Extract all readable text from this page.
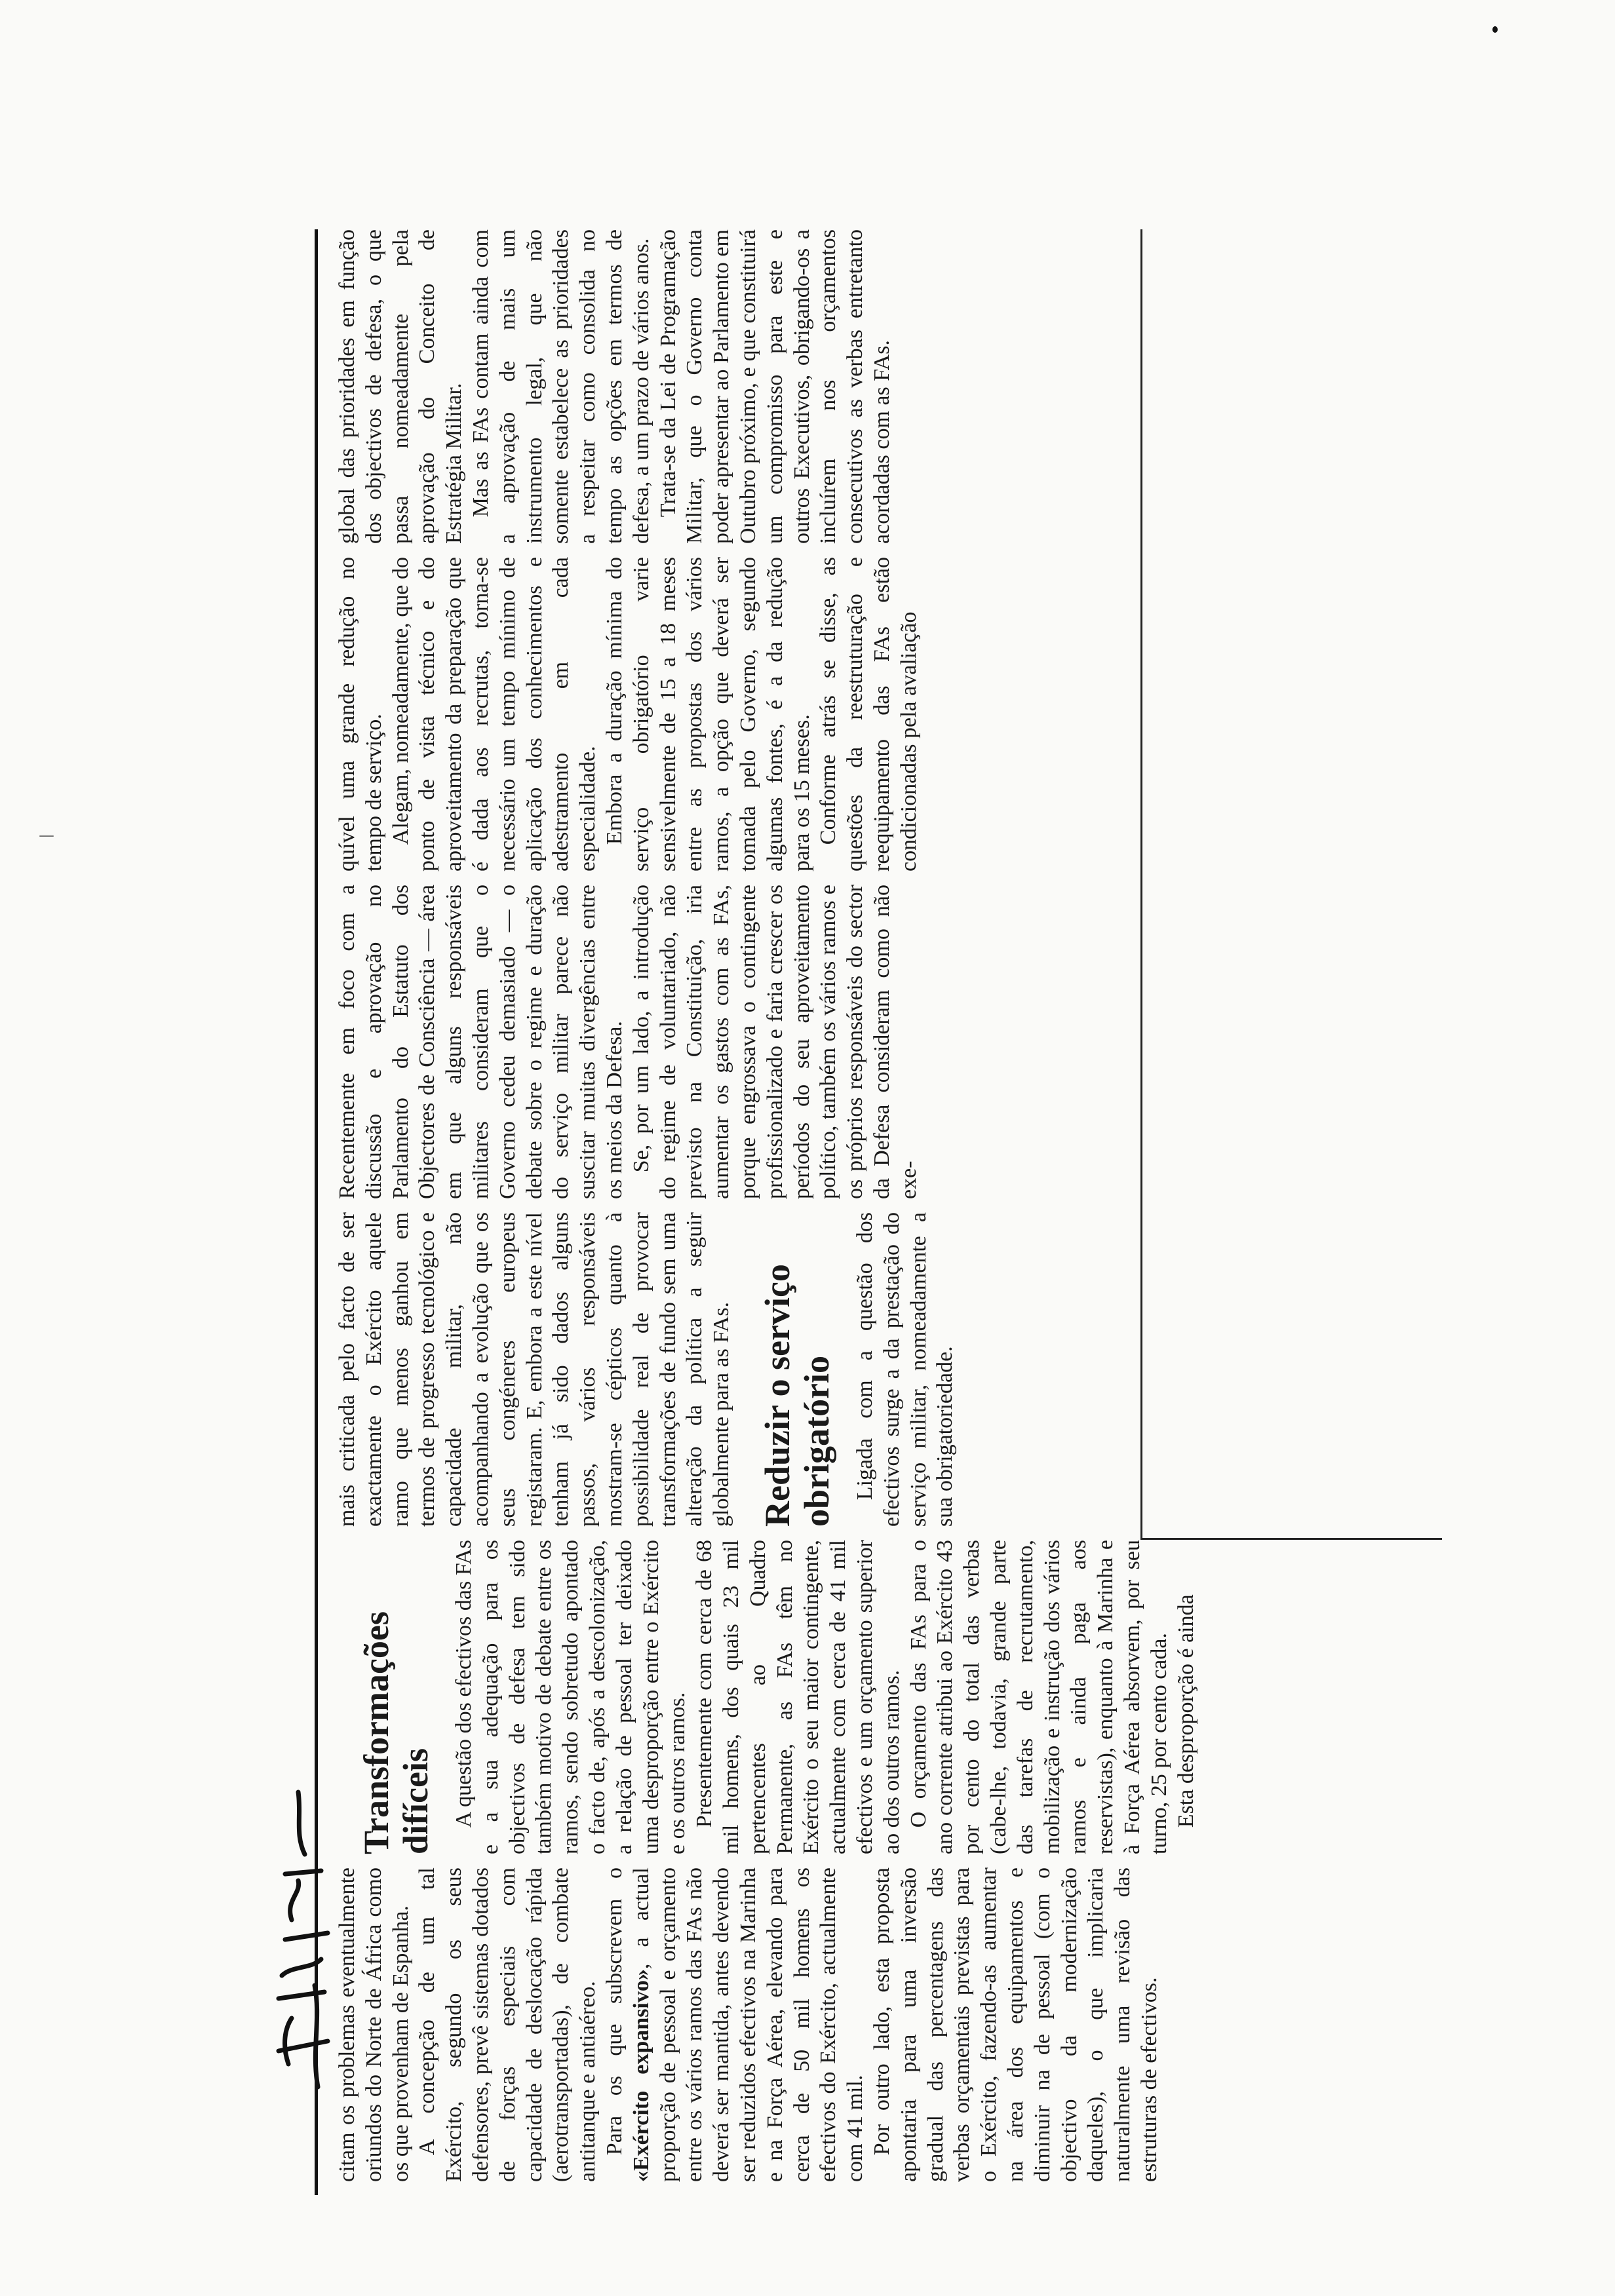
citam os problemas eventualmente oriundos do Norte de África como os que provenham de Espanha. A concepção de um tal Exército, segundo os seus defensores, prevê sistemas dotados de forças especiais com capacidade de deslocação rápida (aerotransportadas), de combate antitanque e antiaéreo. Para os que subscrevem o «Exército expansivo», a actual proporção de pessoal e orçamento entre os vários ramos das FAs não deverá ser mantida, antes devendo ser reduzidos efectivos na Marinha e na Força Aérea, elevando para cerca de 50 mil homens os efectivos do Exército, actualmente com 41 mil. Por outro lado, esta proposta apontaria para uma inversão gradual das percentagens das verbas orçamentais previstas para o Exército, fazendo-as aumentar na área dos equipamentos e diminuir na de pessoal (com o objectivo da modernização daqueles), o que implicaria naturalmente uma revisão das estruturas de efectivos.

Transformações difíceis A questão dos efectivos das FAs e a sua adequação para os objectivos de defesa tem sido também motivo de debate entre os ramos, sendo sobretudo apontado o facto de, após a descolonização, a relação de pessoal ter deixado uma desproporção entre o Exército e os outros ramos. Presentemente com cerca de 68 mil homens, dos quais 23 mil pertencentes ao Quadro Permanente, as FAs têm no Exército o seu maior contingente, actualmente com cerca de 41 mil efectivos e um orçamento superior ao dos outros ramos. O orçamento das FAs para o ano corrente atribui ao Exército 43 por cento do total das verbas (cabe-lhe, todavia, grande parte das tarefas de recrutamento, mobilização e instrução dos vários ramos e ainda paga aos reservistas), enquanto à Marinha e à Força Aérea absorvem, por seu turno, 25 por cento cada. Esta desproporção é ainda

mais criticada pelo facto de ser exactamente o Exército aquele ramo que menos ganhou em termos de progresso tecnológico e capacidade militar, não acompanhando a evolução que os seus congéneres europeus registaram. E, embora a este nível tenham já sido dados alguns passos, vários responsáveis mostram-se cépticos quanto à possibilidade real de provocar transformações de fundo sem uma alteração da política a seguir globalmente para as FAs. Reduzir o serviço obrigatório Ligada com a questão dos efectivos surge a da prestação do serviço militar, nomeadamente a sua obrigatoriedade.

Recentemente em foco com a discussão e aprovação no Parlamento do Estatuto dos Objectores de Consciência — área em que alguns responsáveis militares consideram que o Governo cedeu demasiado — o debate sobre o regime e duração do serviço militar parece não suscitar muitas divergências entre os meios da Defesa. Se, por um lado, a introdução do regime de voluntariado, não previsto na Constituição, iria aumentar os gastos com as FAs, porque engrossava o contingente profissionalizado e faria crescer os períodos do seu aproveitamento político, também os vários ramos e os próprios responsáveis do sector da Defesa consideram como não exe-

quível uma grande redução no tempo de serviço. Alegam, nomeadamente, que do ponto de vista técnico e do aproveitamento da preparação que é dada aos recrutas, torna-se necessário um tempo mínimo de aplicação dos conhecimentos e adestramento em cada especialidade. Embora a duração mínima do serviço obrigatório varie sensivelmente de 15 a 18 meses entre as propostas dos vários ramos, a opção que deverá ser tomada pelo Governo, segundo algumas fontes, é a da redução para os 15 meses. Conforme atrás se disse, as questões da reestruturação e reequipamento das FAs estão condicionadas pela avaliação

global das prioridades em função dos objectivos de defesa, o que passa nomeadamente pela aprovação do Conceito de Estratégia Militar. Mas as FAs contam ainda com a aprovação de mais um instrumento legal, que não somente estabelece as prioridades a respeitar como consolida no tempo as opções em termos de defesa, a um prazo de vários anos. Trata-se da Lei de Programação Militar, que o Governo conta poder apresentar ao Parlamento em Outubro próximo, e que constituirá um compromisso para este e outros Executivos, obrigando-os a incluírem nos orçamentos consecutivos as verbas entretanto acordadas com as FAs.
